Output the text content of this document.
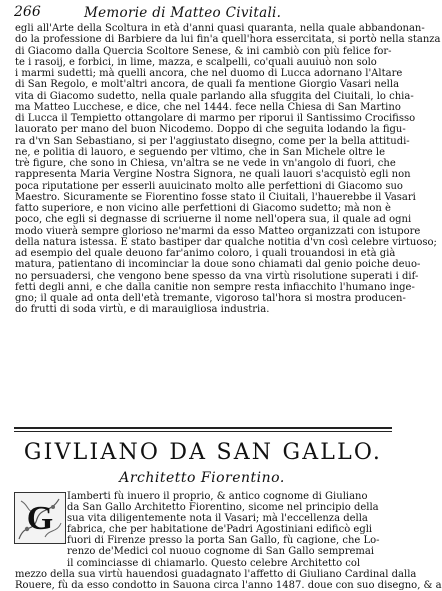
266	Memorie di Matteo Civitali.
egli all'Arte della Scoltura in età d'anni quasi quaranta, nella quale abbandonan-
do la professione di Barbiere da lui fin'a quell'hora essercitata, si portò nella stanza
di Giacomo dalla Quercia Scoltore Senese, & ini cambiò con più felice for-
te i rasoij, e forbici, in lime, mazza, e scalpelli, co'quali auuiuò non solo
i marmi sudetti; mà quelli ancora, che nel duomo di Lucca adornano l'Altare
di San Regolo, e molt'altri ancora, de quali fa mentione Giorgio Vasari nella
vita di Giacomo sudetto, nella quale parlando alla sfuggita del Ciuitali, lo chia-
ma Matteo Lucchese, e dice, che nel 1444. fece nella Chiesa di San Martino
di Lucca il Tempietto ottangolare di marmo per riporui il Santissimo Crocifisso
lauorato per mano del buon Nicodemo. Doppo di che seguita lodando la figu-
ra d'vn San Sebastiano, si per l'aggiustato disegno, come per la bella attitudi-
ne, e politia di lauoro, e seguendo per vltimo, che in San Michele oltre le
trè figure, che sono in Chiesa, vn'altra se ne vede in vn'angolo di fuori, che
rappresenta Maria Vergine Nostra Signora, ne quali lauori s'acquistò egli non
poca riputatione per esserli auuicinato molto alle perfettioni di Giacomo suo
Maestro. Sicuramente se Fiorentino fosse stato il Ciuitali, l'hauerebbe il Vasari
fatto superiore, e non vicino alle perfettioni di Giacomo sudetto; mà non è
poco, che egli si degnasse di scriuerne il nome nell'opera sua, il quale ad ogni
modo viuerà sempre glorioso ne'marmi da esso Matteo organizzati con istupore
della natura istessa. E stato bastiper dar qualche notitia d'vn così celebre virtuoso;
ad esempio del quale deuono far'animo coloro, i quali trouandosi in età già
matura, patientano di incominciar la doue sono chiamati dal genio poiche deuo-
no persuadersi, che vengono bene spesso da vna virtù risolutione superati i dif-
fetti degli anni, e che dalla canitie non sempre resta infiacchito l'humano inge-
gno; il quale ad onta dell'età tremante, vigoroso tal'hora si mostra producen-
do frutti di soda virtù, e di marauigliosa industria.
GIVLIANO DA SAN GALLO.
Architetto Fiorentino.
G
Iamberti fù inuero il proprio, & antico cognome di Giuliano
da San Gallo Architetto Fiorentino, sicome nel principio della
sua vita diligentemente nota il Vasari; mà l'eccellenza della
fabrica, che per habitatione de'Padri Agostiniani edificò egli
fuori di Firenze presso la porta San Gallo, fù cagione, che Lo-
renzo de'Medici col nuouo cognome di San Gallo sempremai
il cominciasse di chiamarlo. Questo celebre Architetto col
mezzo della sua virtù hauendosi guadagnato l'affetto di Giuliano Cardinal dalla
Rouere, fù da esso condotto in Sauona circa l'anno 1487. doue con suo disegno, & a
